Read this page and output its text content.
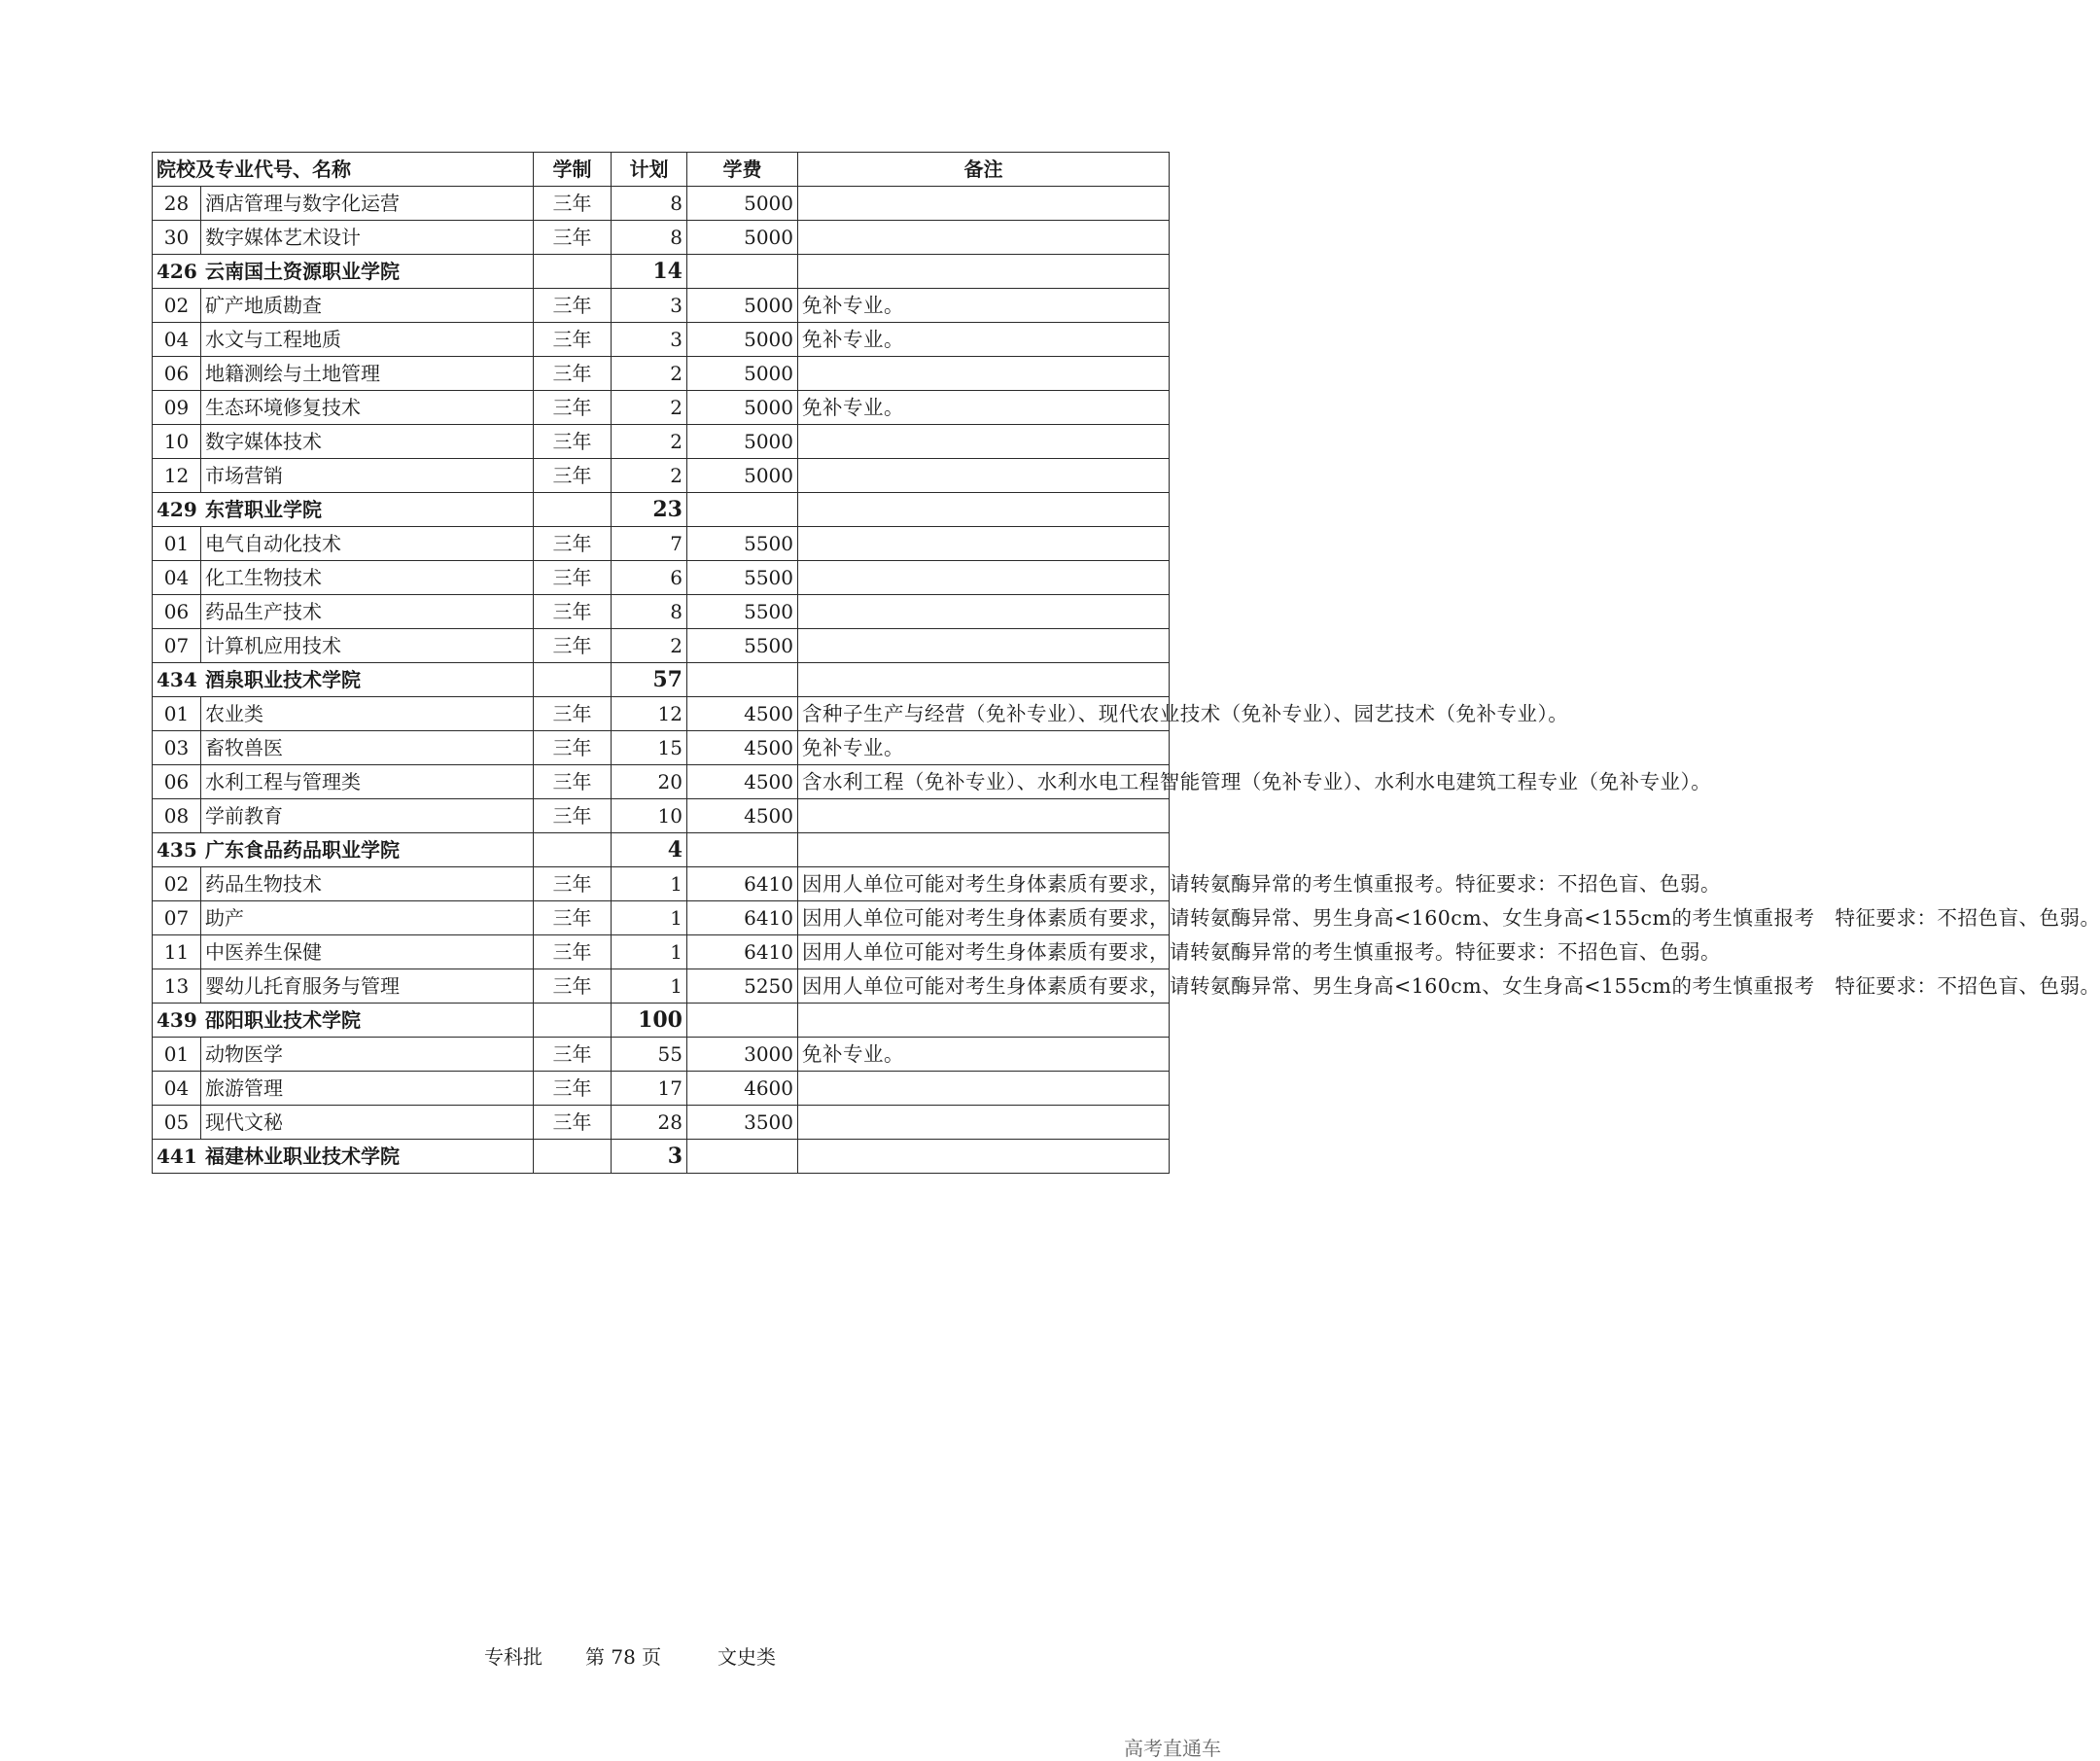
院校及专业代号、名称		学制	计划	学费	备注
28	酒店管理与数字化运营	三年	8	5000	
30	数字媒体艺术设计	三年	8	5000	
426 云南国土资源职业学院			14		
02	矿产地质勘查	三年	3	5000	免补专业。
04	水文与工程地质	三年	3	5000	免补专业。
06	地籍测绘与土地管理	三年	2	5000	
09	生态环境修复技术	三年	2	5000	免补专业。
10	数字媒体技术	三年	2	5000	
12	市场营销	三年	2	5000	
429 东营职业学院			23		
01	电气自动化技术	三年	7	5500	
04	化工生物技术	三年	6	5500	
06	药品生产技术	三年	8	5500	
07	计算机应用技术	三年	2	5500	
434 酒泉职业技术学院			57		
01	农业类	三年	12	4500	含种子生产与经营（免补专业）、现代农业技术（免补专业）、园艺技术（免补专业）。
03	畜牧兽医	三年	15	4500	免补专业。
06	水利工程与管理类	三年	20	4500	含水利工程（免补专业）、水利水电工程智能管理（免补专业）、水利水电建筑工程专业（免补专业）。
08	学前教育	三年	10	4500	
435 广东食品药品职业学院			4		
02	药品生物技术	三年	1	6410	因用人单位可能对考生身体素质有要求，请转氨酶异常的考生慎重报考。特征要求：不招色盲、色弱。
07	助产	三年	1	6410	因用人单位可能对考生身体素质有要求，请转氨酶异常、男生身高<160cm、女生身高<155cm的考生慎重报考　特征要求：不招色盲、色弱。
11	中医养生保健	三年	1	6410	因用人单位可能对考生身体素质有要求，请转氨酶异常的考生慎重报考。特征要求：不招色盲、色弱。
13	婴幼儿托育服务与管理	三年	1	5250	因用人单位可能对考生身体素质有要求，请转氨酶异常、男生身高<160cm、女生身高<155cm的考生慎重报考　特征要求：不招色盲、色弱。
439 邵阳职业技术学院			100		
01	动物医学	三年	55	3000	免补专业。
04	旅游管理	三年	17	4600	
05	现代文秘	三年	28	3500	
441 福建林业职业技术学院			3		
专科批 第 78 页	文史类
高考直通车
